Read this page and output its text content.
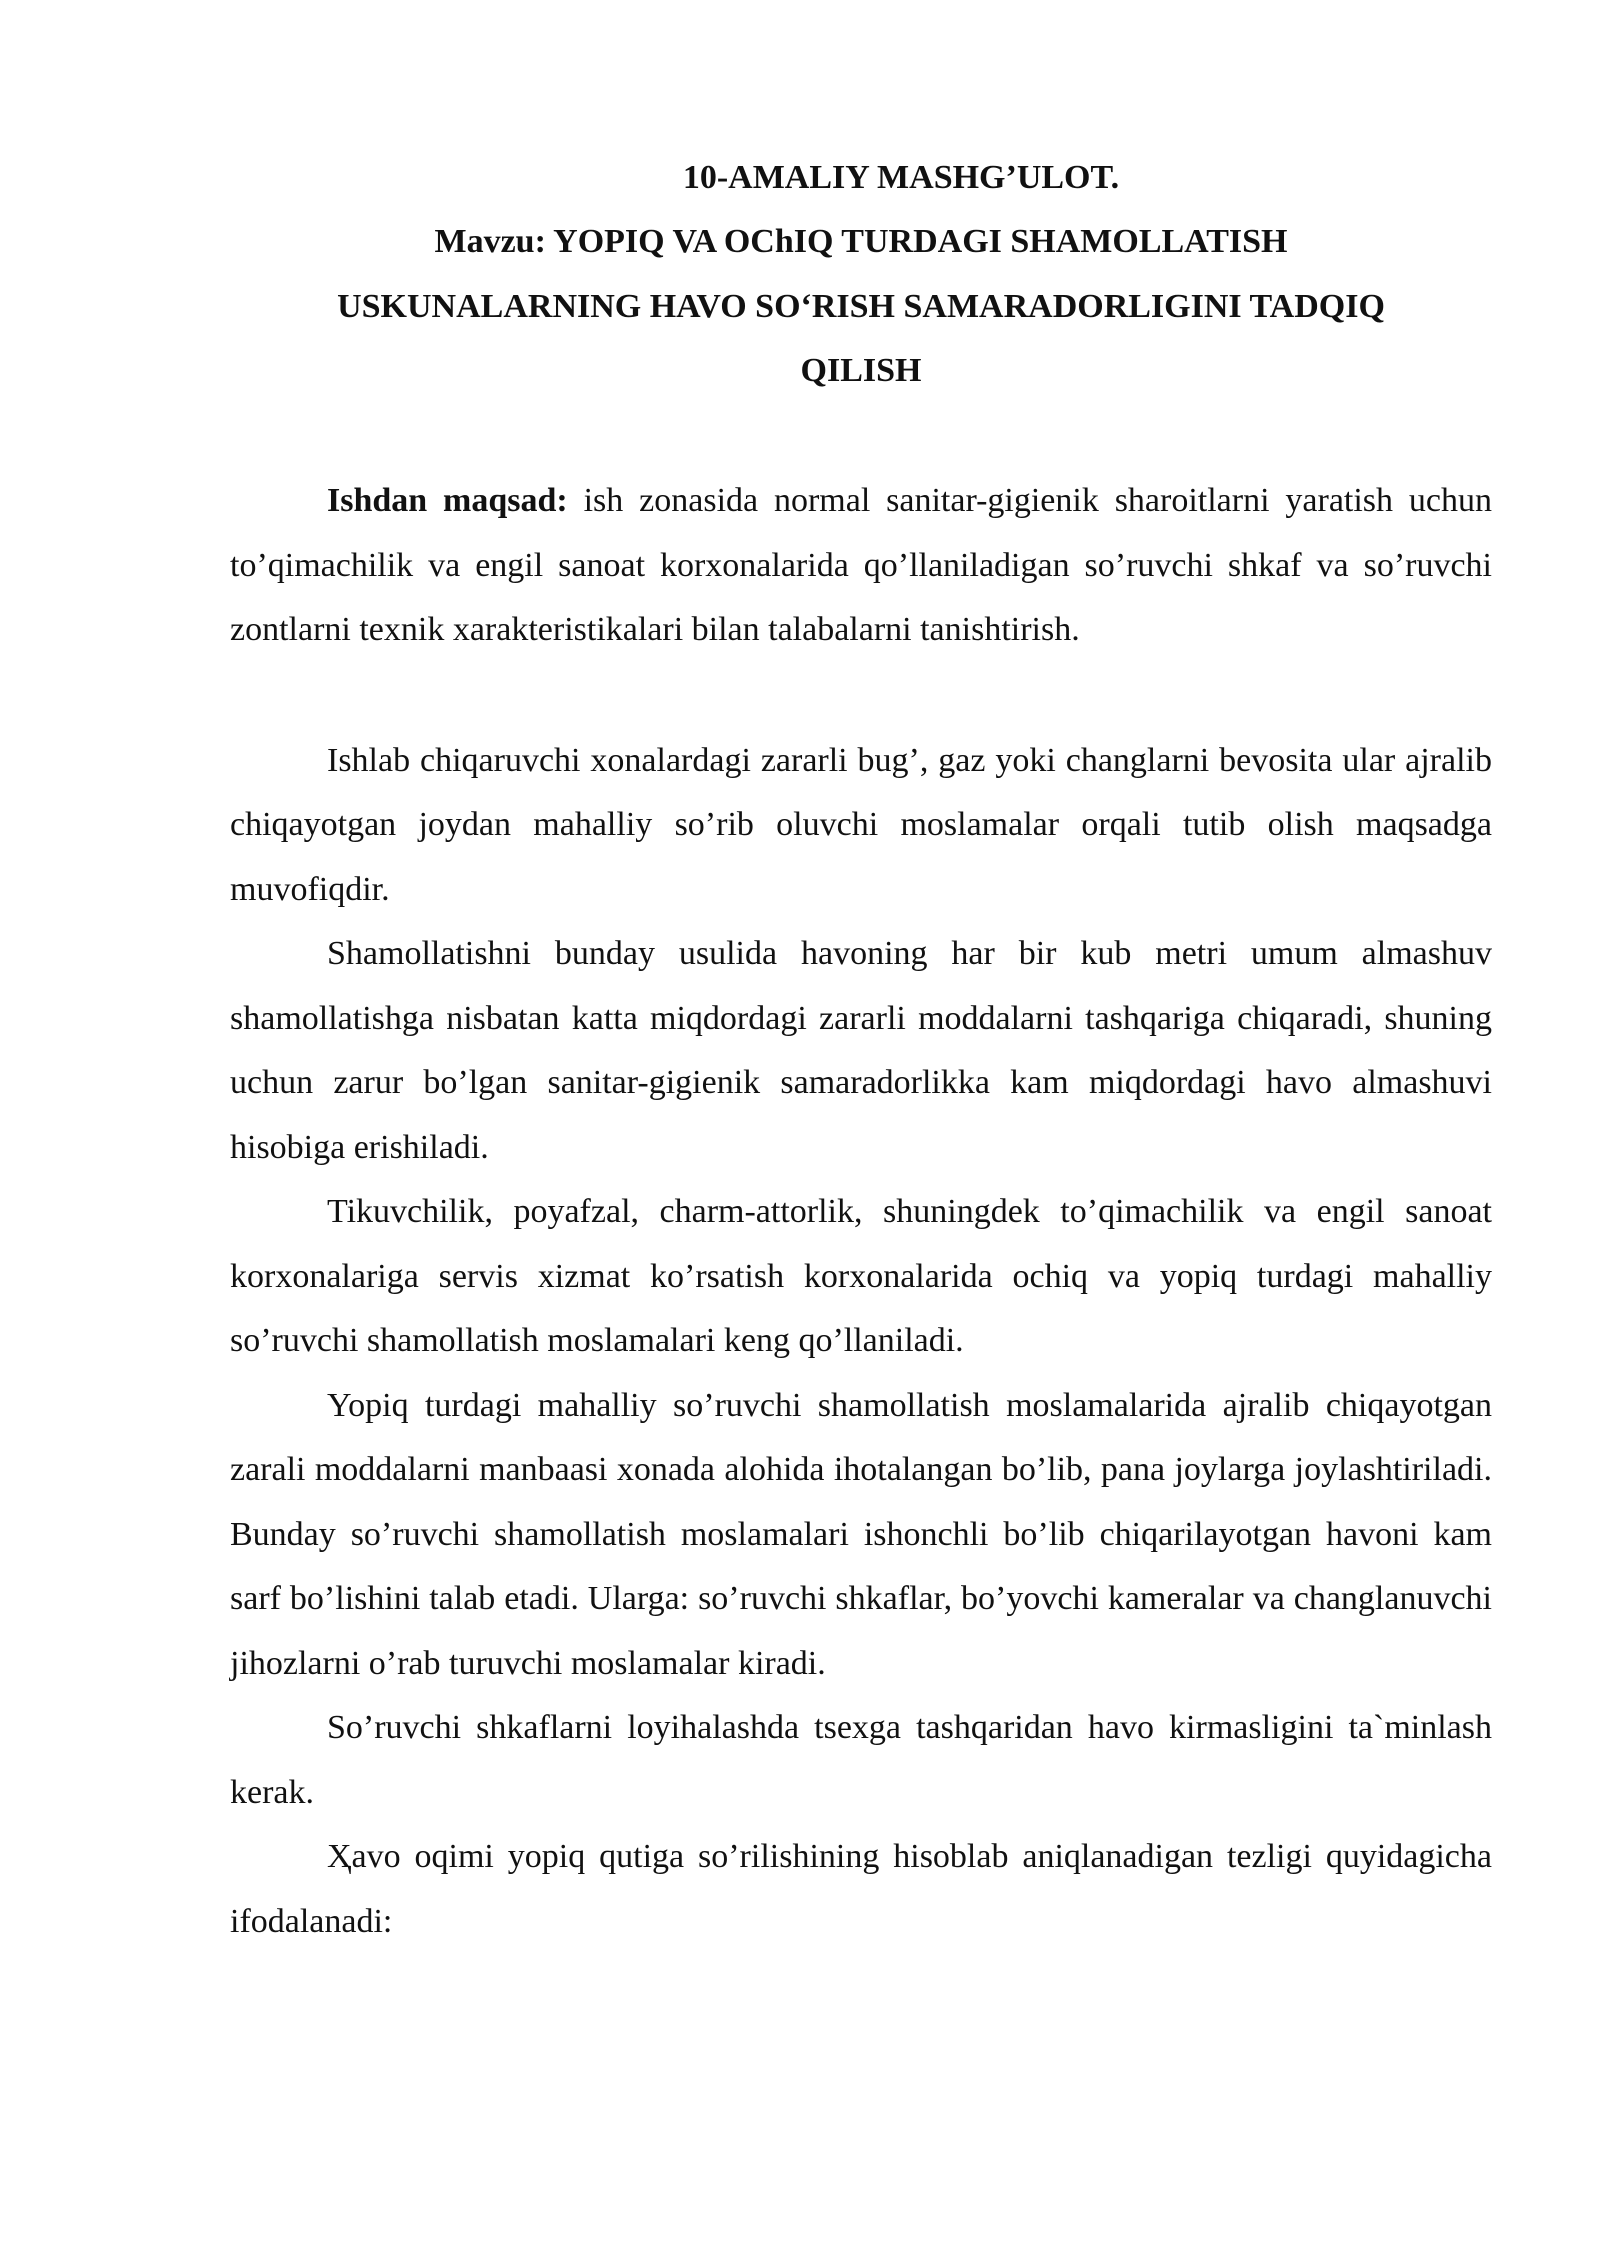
10-AMALIY MASHG’ULOT.
Mavzu: YOPIQ VA OChIQ TURDAGI SHAMOLLATISH
USKUNALARNING HAVO SO‘RISH SAMARADORLIGINI TADQIQ
QILISH

Ishdan maqsad: ish zonasida normal sanitar-gigienik sharoitlarni yaratish uchun to’qimachilik va engil sanoat korxonalarida qo’llaniladigan so’ruvchi shkaf va so’ruvchi zontlarni texnik xarakteristikalari bilan talabalarni tanishtirish.

Ishlab chiqaruvchi xonalardagi zararli bug’, gaz yoki changlarni bevosita ular ajralib chiqayotgan joydan mahalliy so’rib oluvchi moslamalar orqali tutib olish maqsadga muvofiqdir.

Shamollatishni bunday usulida havoning har bir kub metri umum almashuv shamollatishga nisbatan katta miqdordagi zararli moddalarni tashqariga chiqaradi, shuning uchun zarur bo’lgan sanitar-gigienik samaradorlikka kam miqdordagi havo almashuvi hisobiga erishiladi.

Tikuvchilik, poyafzal, charm-attorlik, shuningdek to’qimachilik va engil sanoat korxonalariga servis xizmat ko’rsatish korxonalarida ochiq va yopiq turdagi mahalliy so’ruvchi shamollatish moslamalari keng qo’llaniladi.

Yopiq turdagi mahalliy so’ruvchi shamollatish moslamalarida ajralib chiqayotgan zarali moddalarni manbaasi xonada alohida ihotalangan bo’lib, pana joylarga joylashtiriladi. Bunday so’ruvchi shamollatish moslamalari ishonchli bo’lib chiqarilayotgan havoni kam sarf bo’lishini talab etadi. Ularga: so’ruvchi shkaflar, bo’yovchi kameralar va changlanuvchi jihozlarni o’rab turuvchi moslamalar kiradi.

So’ruvchi shkaflarni loyihalashda tsexga tashqaridan havo kirmasligini ta`minlash kerak.

Ҳavo oqimi yopiq qutiga so’rilishining hisoblab aniqlanadigan tezligi quyidagicha ifodalanadi:
